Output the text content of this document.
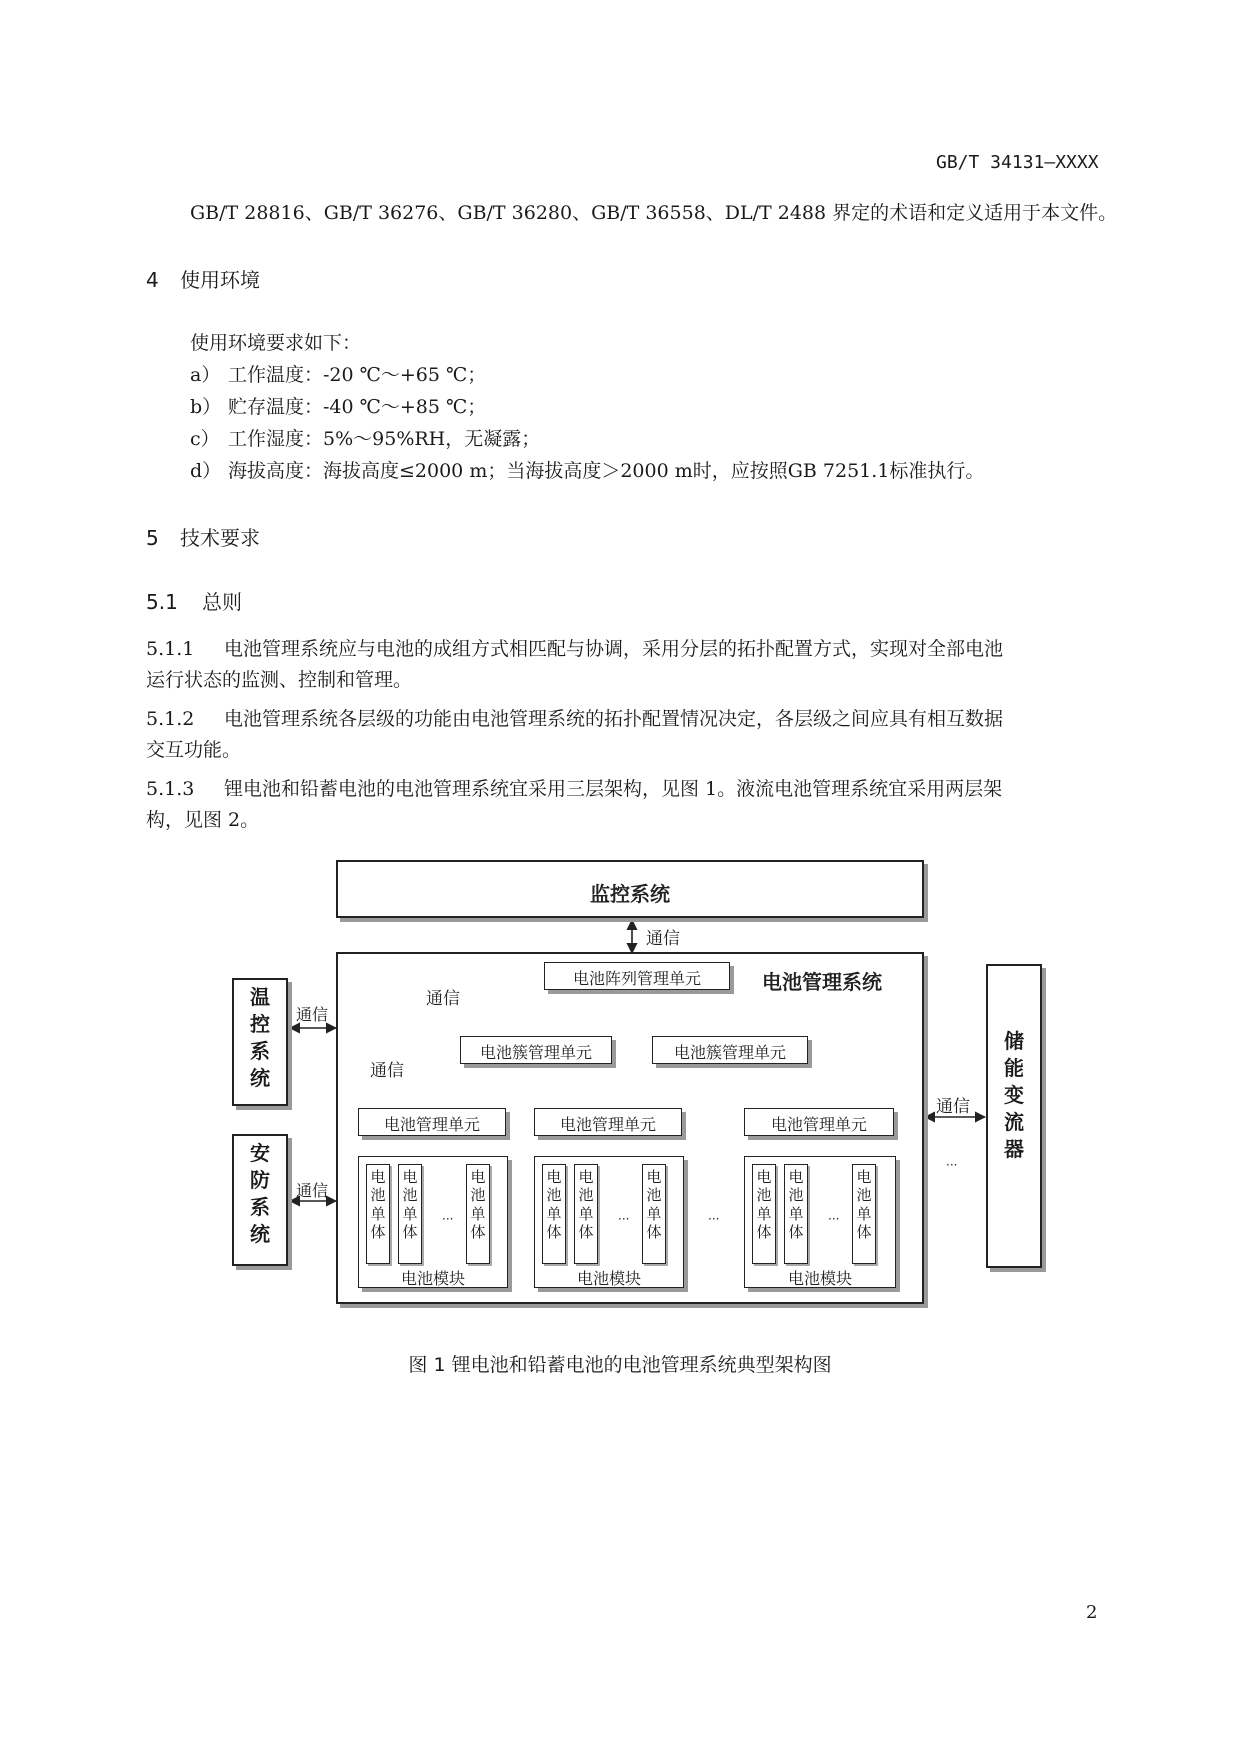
GB/T 34131—XXXX
GB/T 28816、GB/T 36276、GB/T 36280、GB/T 36558、DL/T 2488 界定的术语和定义适用于本文件。
4 使用环境
使用环境要求如下：
a） 工作温度：-20 ℃～+65 ℃；
b） 贮存温度：-40 ℃～+85 ℃；
c） 工作湿度：5%～95%RH，无凝露；
d） 海拔高度：海拔高度≤2000 m；当海拔高度＞2000 m时，应按照GB 7251.1标准执行。
5 技术要求
5.1 总则
5.1.1 电池管理系统应与电池的成组方式相匹配与协调，采用分层的拓扑配置方式，实现对全部电池
运行状态的监测、控制和管理。
5.1.2 电池管理系统各层级的功能由电池管理系统的拓扑配置情况决定，各层级之间应具有相互数据
交互功能。
5.1.3 锂电池和铅蓄电池的电池管理系统宜采用三层架构，见图 1。液流电池管理系统宜采用两层架
构，见图 2。
监控系统
通信
电池管理系统
电池阵列管理单元
通信
电池簇管理单元	电池簇管理单元
通信
电池管理单元	电池管理单元	电池管理单元
电
池
单
体
电
池
单
体
···
电
池
单
体
电池模块
电
池
单
体
电
池
单
体
···
电
池
单
体
电池模块
···
电
池
单
体
电
池
单
体
···
电
池
单
体
电池模块
温
控
系
统
通信
安
防
系
统
通信
储
能
变
流
器
通信
···
图 1 锂电池和铅蓄电池的电池管理系统典型架构图
2
